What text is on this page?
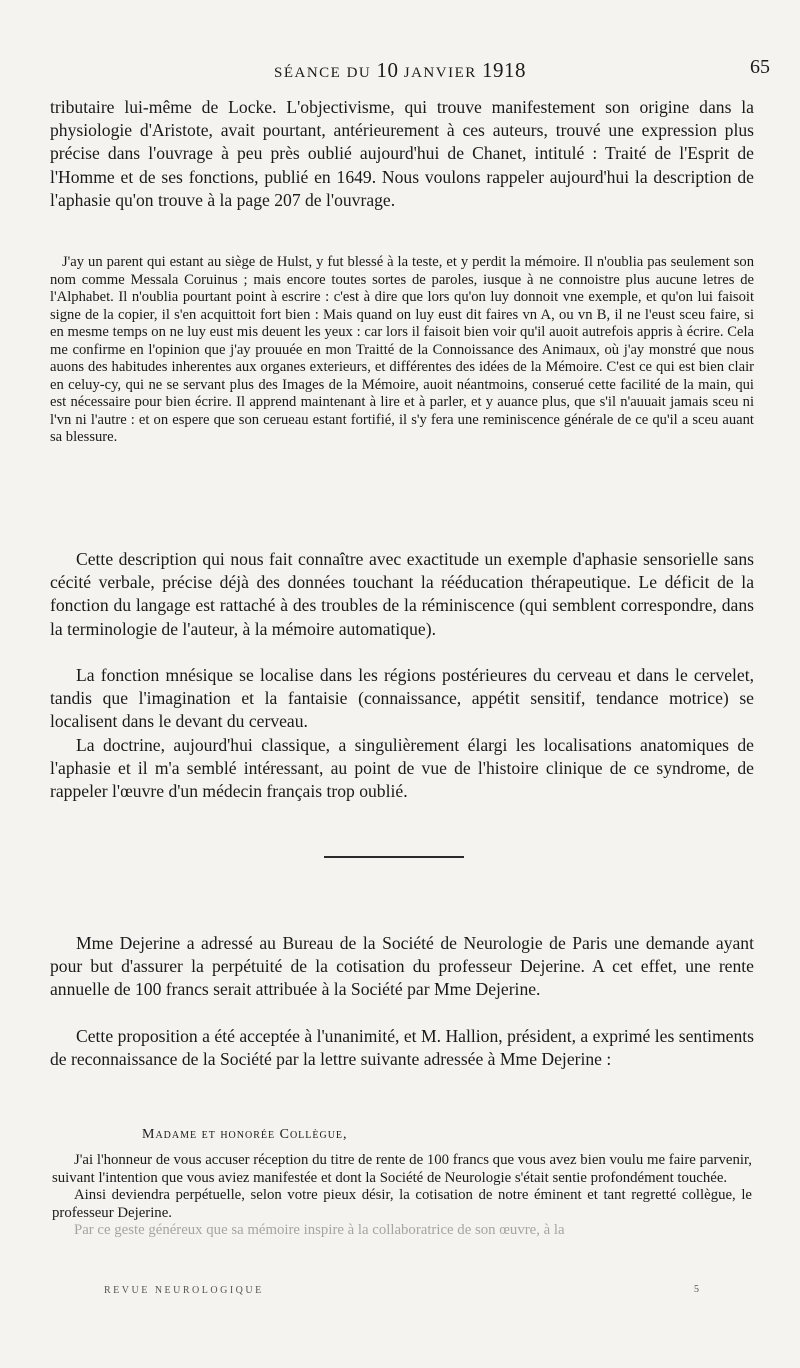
SÉANCE DU 10 JANVIER 1918	65

tributaire lui-même de Locke. L'objectivisme, qui trouve manifestement son origine dans la physiologie d'Aristote, avait pourtant, antérieurement à ces auteurs, trouvé une expression plus précise dans l'ouvrage à peu près oublié aujourd'hui de Chanet, intitulé : Traité de l'Esprit de l'Homme et de ses fonctions, publié en 1649. Nous voulons rappeler aujourd'hui la description de l'aphasie qu'on trouve à la page 207 de l'ouvrage.

J'ay un parent qui estant au siège de Hulst, y fut blessé à la teste, et y perdit la mémoire. Il n'oublia pas seulement son nom comme Messala Coruinus ; mais encore toutes sortes de paroles, iusque à ne connoistre plus aucune letres de l'Alphabet. Il n'oublia pourtant point à escrire : c'est à dire que lors qu'on luy donnoit vne exemple, et qu'on lui faisoit signe de la copier, il s'en acquittoit fort bien : Mais quand on luy eust dit faires vn A, ou vn B, il ne l'eust sceu faire, si en mesme temps on ne luy eust mis deuent les yeux : car lors il faisoit bien voir qu'il auoit autrefois appris à écrire. Cela me confirme en l'opinion que j'ay prouuée en mon Traitté de la Connoissance des Animaux, où j'ay monstré que nous auons des habitudes inherentes aux organes exterieurs, et différentes des idées de la Mémoire. C'est ce qui est bien clair en celuy-cy, qui ne se servant plus des Images de la Mémoire, auoit néantmoins, conserué cette facilité de la main, qui est nécessaire pour bien écrire. Il apprend maintenant à lire et à parler, et y auance plus, que s'il n'auuait jamais sceu ni l'vn ni l'autre : et on espere que son cerueau estant fortifié, il s'y fera une reminiscence générale de ce qu'il a sceu auant sa blessure.

Cette description qui nous fait connaître avec exactitude un exemple d'aphasie sensorielle sans cécité verbale, précise déjà des données touchant la rééducation thérapeutique. Le déficit de la fonction du langage est rattaché à des troubles de la réminiscence (qui semblent correspondre, dans la terminologie de l'auteur, à la mémoire automatique).

La fonction mnésique se localise dans les régions postérieures du cerveau et dans le cervelet, tandis que l'imagination et la fantaisie (connaissance, appétit sensitif, tendance motrice) se localisent dans le devant du cerveau.

La doctrine, aujourd'hui classique, a singulièrement élargi les localisations anatomiques de l'aphasie et il m'a semblé intéressant, au point de vue de l'histoire clinique de ce syndrome, de rappeler l'œuvre d'un médecin français trop oublié.

Mme Dejerine a adressé au Bureau de la Société de Neurologie de Paris une demande ayant pour but d'assurer la perpétuité de la cotisation du professeur Dejerine. A cet effet, une rente annuelle de 100 francs serait attribuée à la Société par Mme Dejerine.

Cette proposition a été acceptée à l'unanimité, et M. Hallion, président, a exprimé les sentiments de reconnaissance de la Société par la lettre suivante adressée à Mme Dejerine :

Madame et honorée Collègue,

J'ai l'honneur de vous accuser réception du titre de rente de 100 francs que vous avez bien voulu me faire parvenir, suivant l'intention que vous aviez manifestée et dont la Société de Neurologie s'était sentie profondément touchée.

Ainsi deviendra perpétuelle, selon votre pieux désir, la cotisation de notre éminent et tant regretté collègue, le professeur Dejerine.

Par ce geste généreux que sa mémoire inspire à la collaboratrice de son œuvre, à la

REVUE NEUROLOGIQUE	5
